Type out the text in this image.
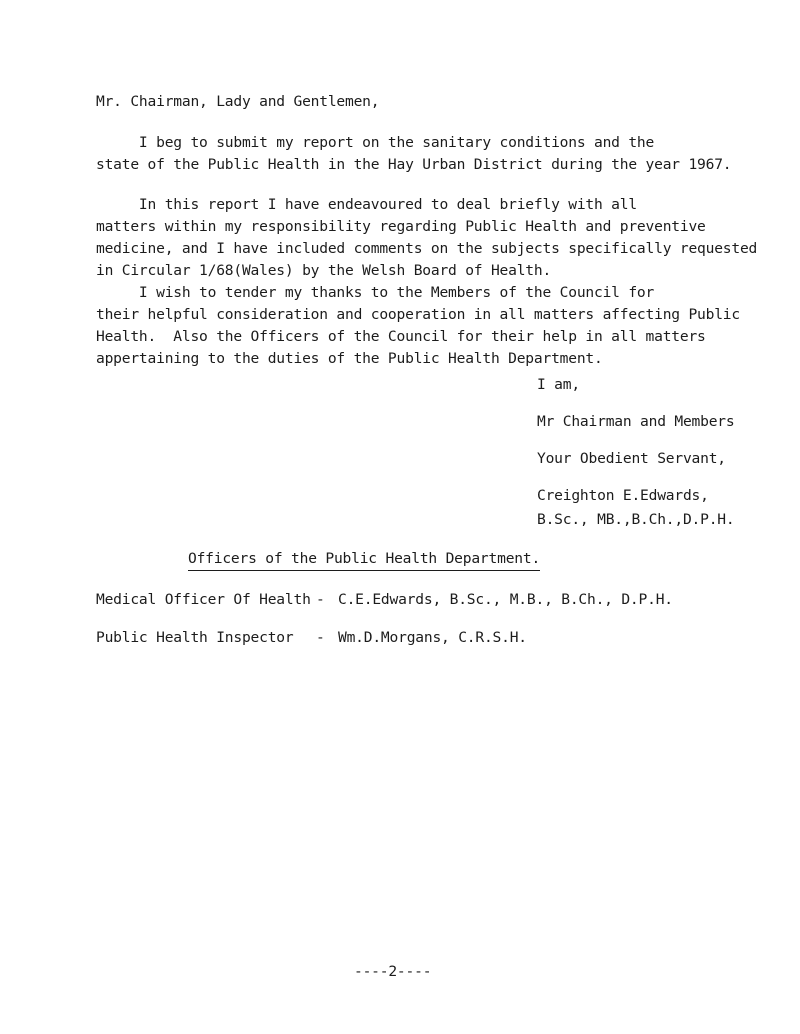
Mr. Chairman, Lady and Gentlemen,
I beg to submit my report on the sanitary conditions and the
state of the Public Health in the Hay Urban District during the year 1967.
In this report I have endeavoured to deal briefly with all
matters within my responsibility regarding Public Health and preventive
medicine, and I have included comments on the subjects specifically requested
in Circular 1/68(Wales) by the Welsh Board of Health.
I wish to tender my thanks to the Members of the Council for
their helpful consideration and cooperation in all matters affecting Public
Health.  Also the Officers of the Council for their help in all matters
appertaining to the duties of the Public Health Department.
I am,
Mr Chairman and Members
Your Obedient Servant,
Creighton E.Edwards,
B.Sc., MB.,B.Ch.,D.P.H.
Officers of the Public Health Department.
Medical Officer Of Health - C.E.Edwards, B.Sc., M.B., B.Ch., D.P.H.
Public Health Inspector - Wm.D.Morgans, C.R.S.H.
----2----
